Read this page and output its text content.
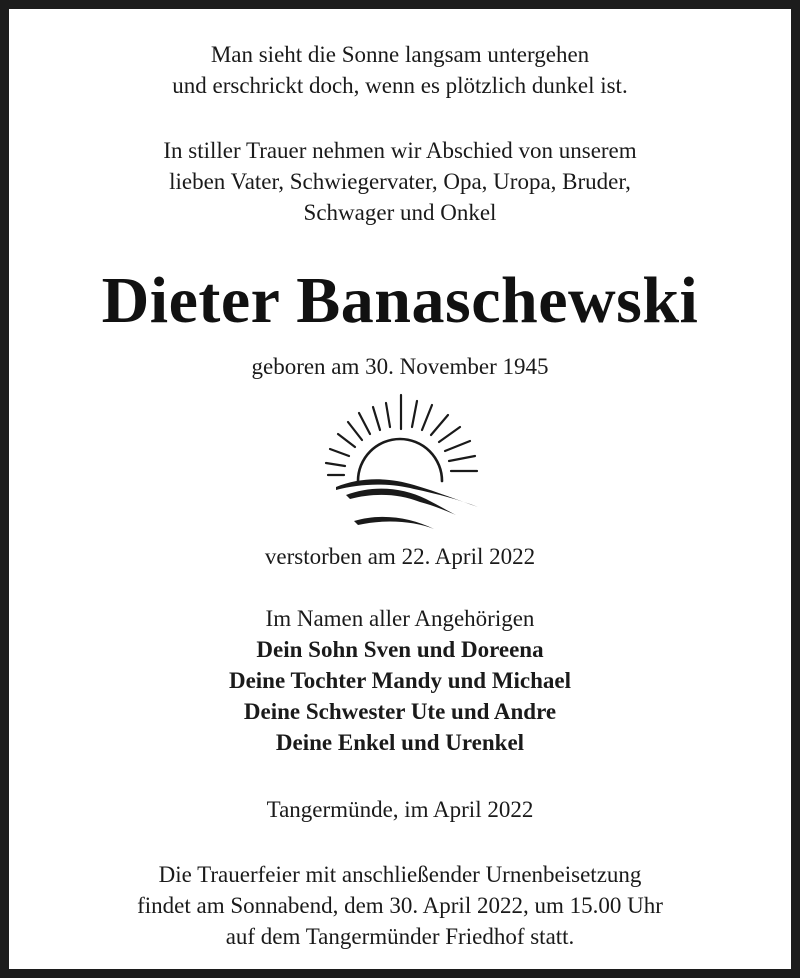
Man sieht die Sonne langsam untergehen
und erschrickt doch, wenn es plötzlich dunkel ist.
In stiller Trauer nehmen wir Abschied von unserem
lieben Vater, Schwiegervater, Opa, Uropa, Bruder,
Schwager und Onkel
Dieter Banaschewski
geboren am 30. November 1945
verstorben am 22. April 2022
Im Namen aller Angehörigen
Dein Sohn Sven und Doreena
Deine Tochter Mandy und Michael
Deine Schwester Ute und Andre
Deine Enkel und Urenkel
Tangermünde, im April 2022
Die Trauerfeier mit anschließender Urnenbeisetzung
findet am Sonnabend, dem 30. April 2022, um 15.00 Uhr
auf dem Tangermünder Friedhof statt.
